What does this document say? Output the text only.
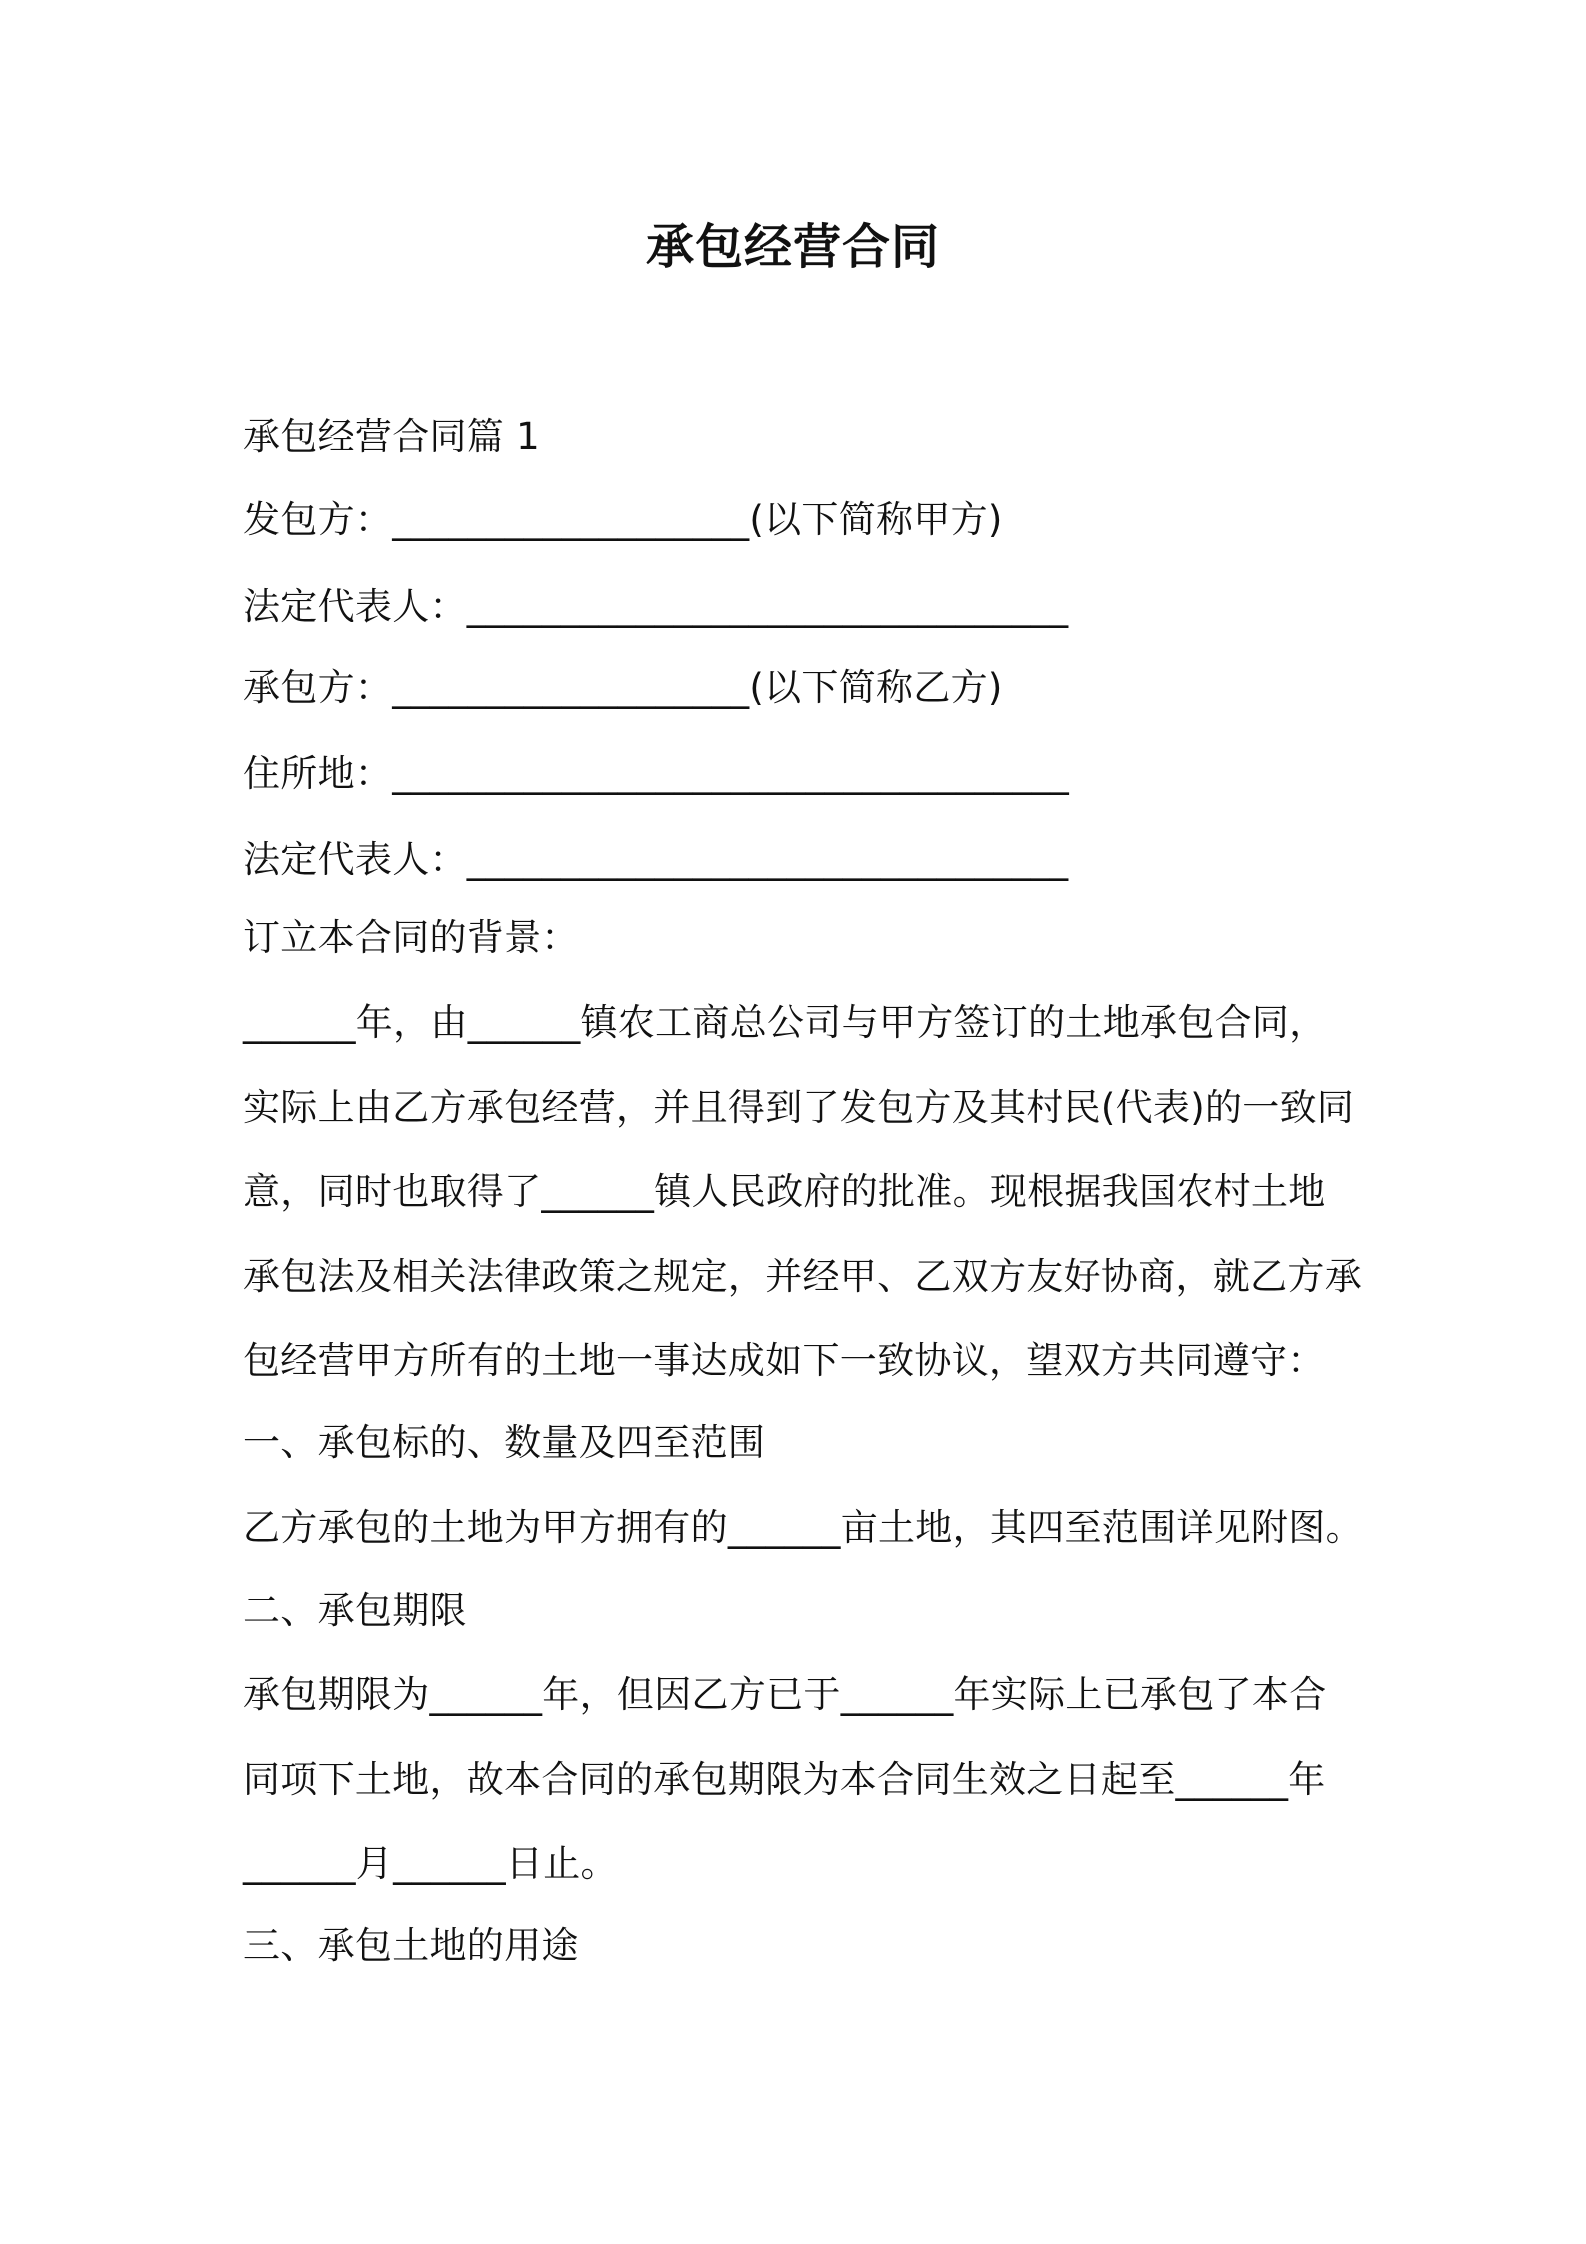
承包经营合同
承包经营合同篇 1
发包方：___________________(以下简称甲方)
法定代表人：________________________________
承包方：___________________(以下简称乙方)
住所地：____________________________________
法定代表人：________________________________
订立本合同的背景：
______年，由______镇农工商总公司与甲方签订的土地承包合同，
实际上由乙方承包经营，并且得到了发包方及其村民(代表)的一致同
意，同时也取得了______镇人民政府的批准。现根据我国农村土地
承包法及相关法律政策之规定，并经甲、乙双方友好协商，就乙方承
包经营甲方所有的土地一事达成如下一致协议，望双方共同遵守：
一、承包标的、数量及四至范围
乙方承包的土地为甲方拥有的______亩土地，其四至范围详见附图。
二、承包期限
承包期限为______年，但因乙方已于______年实际上已承包了本合
同项下土地，故本合同的承包期限为本合同生效之日起至______年
______月______日止。
三、承包土地的用途
